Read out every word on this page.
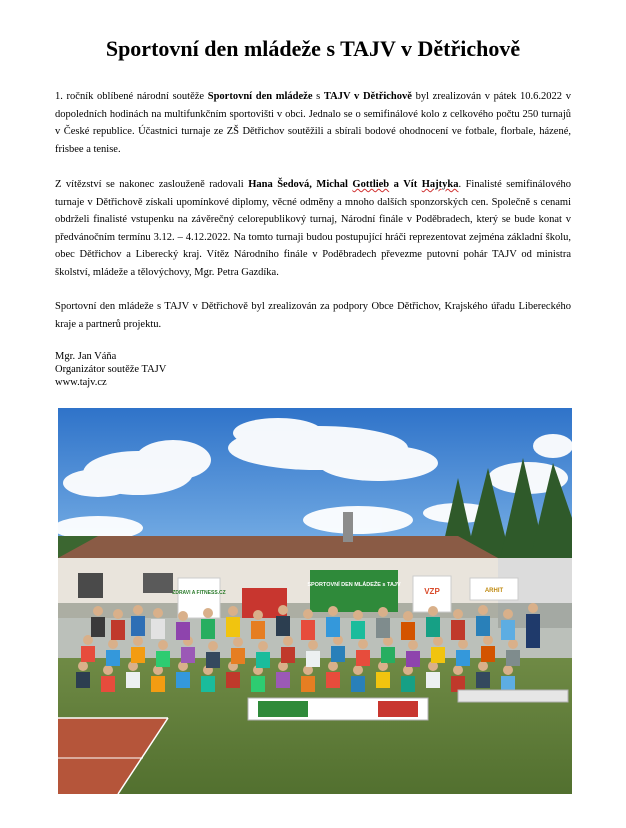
Sportovní den mládeže s TAJV v Dětřichově

1. ročník oblíbené národní soutěže Sportovní den mládeže s TAJV v Dětřichově byl zrealizován v pátek 10.6.2022 v dopoledních hodinách na multifunkčním sportovišti v obci. Jednalo se o semifinálové kolo z celkového počtu 250 turnajů v České republice. Účastnici turnaje ze ZŠ Dětřichov soutěžili a sbírali bodové ohodnocení ve fotbale, florbale, házené, frisbee a tenise.

Z vítězství se nakonec zaslouženě radovali Hana Šedová, Michal Gottlieb a Vít Hajtyka. Finalisté semifinálového turnaje v Dětřichově získali upomínkové diplomy, věcné odměny a mnoho dalších sponzorských cen. Společně s cenami obdrželi finalisté vstupenku na závěrečný celorepublikový turnaj, Národní finále v Poděbradech, který se bude konat v předvánočním termínu 3.12. – 4.12.2022. Na tomto turnaji budou postupující hráči reprezentovat zejména základní školu, obec Dětřichov a Liberecký kraj. Vítěz Národního finále v Poděbradech převezme putovní pohár TAJV od ministra školství, mládeže a tělovýchovy, Mgr. Petra Gazdíka.

Sportovní den mládeže s TAJV v Dětřichově byl zrealizován za podpory Obce Dětřichov, Krajského úřadu Libereckého kraje a partnerů projektu.

Mgr. Jan Váňa
Organizátor soutěže TAJV
www.tajv.cz
ZDRAVI A FITNESS.CZ
SPORTOVNÍ DEN MLÁDEŽE s TAJV
VZP	ARHIT
